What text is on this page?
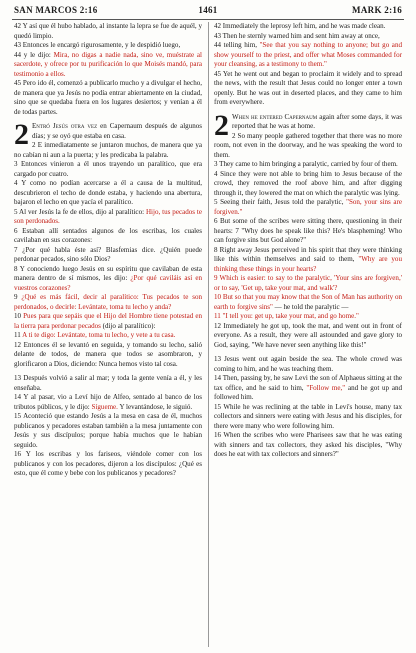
SAN MARCOS 2:16	1461	MARK 2:16

42 Y así que él hubo hablado, al instante la lepra se fue de aquél, y quedó limpio.

43 Entonces le encargó rigurosamente, y le despidió luego,

44 y le dijo: Mira, no digas a nadie nada, sino ve, muéstrate al sacerdote, y ofrece por tu purificación lo que Moisés mandó, para testimonio a ellos.

45 Pero ido él, comenzó a publicarlo mucho y a divulgar el hecho, de manera que ya Jesús no podía entrar abiertamente en la ciudad, sino que se quedaba fuera en los lugares desiertos; y venían a él de todas partes.

2 Entró Jesús otra vez en Capernaum después de algunos días; y se oyó que estaba en casa.

2 E inmediatamente se juntaron muchos, de manera que ya no cabían ni aun a la puerta; y les predicaba la palabra.

3 Entonces vinieron a él unos trayendo un paralítico, que era cargado por cuatro.

4 Y como no podían acercarse a él a causa de la multitud, descubrieron el techo de donde estaba, y haciendo una abertura, bajaron el lecho en que yacía el paralítico.

5 Al ver Jesús la fe de ellos, dijo al paralítico: Hijo, tus pecados te son perdonados.

6 Estaban allí sentados algunos de los escribas, los cuales cavilaban en sus corazones:

7 ¿Por qué habla éste así? Blasfemias dice. ¿Quién puede perdonar pecados, sino sólo Dios?

8 Y conociendo luego Jesús en su espíritu que cavilaban de esta manera dentro de sí mismos, les dijo: ¿Por qué caviláis así en vuestros corazones?

9 ¿Qué es más fácil, decir al paralítico: Tus pecados te son perdonados, o decirle: Levántate, toma tu lecho y anda?

10 Pues para que sepáis que el Hijo del Hombre tiene potestad en la tierra para perdonar pecados (dijo al paralítico):

11 A ti te digo: Levántate, toma tu lecho, y vete a tu casa.

12 Entonces él se levantó en seguida, y tomando su lecho, salió delante de todos, de manera que todos se asombraron, y glorificaron a Dios, diciendo: Nunca hemos visto tal cosa.

13 Después volvió a salir al mar; y toda la gente venía a él, y les enseñaba.

14 Y al pasar, vio a Leví hijo de Alfeo, sentado al banco de los tributos públicos, y le dijo: Sígueme. Y levantándose, le siguió.

15 Aconteció que estando Jesús a la mesa en casa de él, muchos publicanos y pecadores estaban también a la mesa juntamente con Jesús y sus discípulos; porque había muchos que le habían seguido.

16 Y los escribas y los fariseos, viéndole comer con los publicanos y con los pecadores, dijeron a los discípulos: ¿Qué es esto, que él come y bebe con los publicanos y pecadores?

42 Immediately the leprosy left him, and he was made clean.

43 Then he sternly warned him and sent him away at once,

44 telling him, "See that you say nothing to anyone; but go and show yourself to the priest, and offer what Moses commanded for your cleansing, as a testimony to them."

45 Yet he went out and began to proclaim it widely and to spread the news, with the result that Jesus could no longer enter a town openly. But he was out in deserted places, and they came to him from everywhere.

2 When he entered Capernaum again after some days, it was reported that he was at home.

2 So many people gathered together that there was no more room, not even in the doorway, and he was speaking the word to them.

3 They came to him bringing a paralytic, carried by four of them.

4 Since they were not able to bring him to Jesus because of the crowd, they removed the roof above him, and after digging through it, they lowered the mat on which the paralytic was lying.

5 Seeing their faith, Jesus told the paralytic, "Son, your sins are forgiven."

6 But some of the scribes were sitting there, questioning in their hearts: 7 "Why does he speak like this? He's blaspheming! Who can forgive sins but God alone?"

8 Right away Jesus perceived in his spirit that they were thinking like this within themselves and said to them, "Why are you thinking these things in your hearts?

9 Which is easier: to say to the paralytic, 'Your sins are forgiven,' or to say, 'Get up, take your mat, and walk'?

10 But so that you may know that the Son of Man has authority on earth to forgive sins" — he told the paralytic —

11 "I tell you: get up, take your mat, and go home."

12 Immediately he got up, took the mat, and went out in front of everyone. As a result, they were all astounded and gave glory to God, saying, "We have never seen anything like this!"

13 Jesus went out again beside the sea. The whole crowd was coming to him, and he was teaching them.

14 Then, passing by, he saw Levi the son of Alphaeus sitting at the tax office, and he said to him, "Follow me," and he got up and followed him.

15 While he was reclining at the table in Levi's house, many tax collectors and sinners were eating with Jesus and his disciples, for there were many who were following him.

16 When the scribes who were Pharisees saw that he was eating with sinners and tax collectors, they asked his disciples, "Why does he eat with tax collectors and sinners?"
